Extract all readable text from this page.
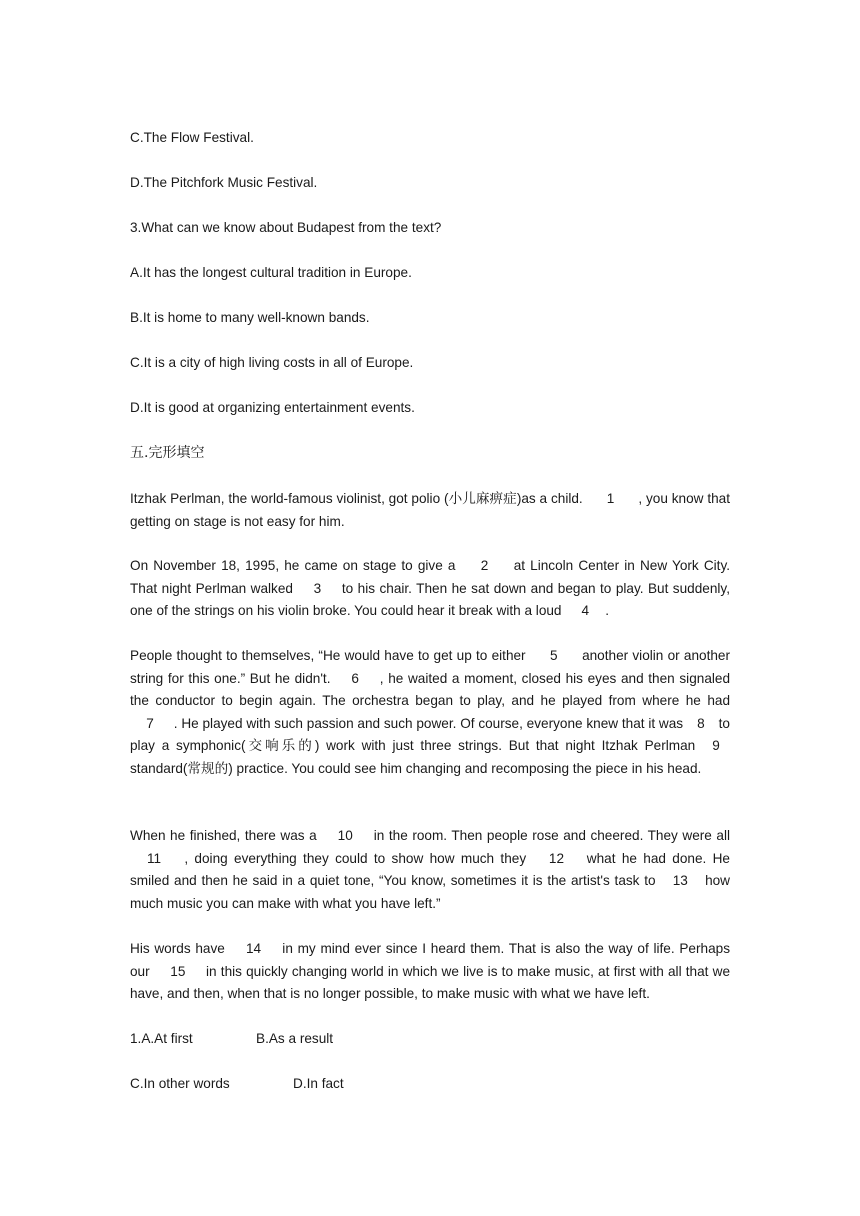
C.The Flow Festival.
D.The Pitchfork Music Festival.
3.What can we know about Budapest from the text?
A.It has the longest cultural tradition in Europe.
B.It is home to many well-known bands.
C.It is a city of high living costs in all of Europe.
D.It is good at organizing entertainment events.
五.完形填空
Itzhak Perlman, the world-famous violinist, got polio (小儿麻痹症)as a child. 1 , you know that getting on stage is not easy for him.
On November 18, 1995, he came on stage to give a 2 at Lincoln Center in New York City. That night Perlman walked 3 to his chair. Then he sat down and began to play. But suddenly, one of the strings on his violin broke. You could hear it break with a loud 4 .
People thought to themselves, “He would have to get up to either 5 another violin or another string for this one.” But he didn't. 6 , he waited a moment, closed his eyes and then signaled the conductor to begin again. The orchestra began to play, and he played from where he had 7 . He played with such passion and such power. Of course, everyone knew that it was 8 to play a symphonic(交响乐的) work with just three strings. But that night Itzhak Perlman 9 standard(常规的) practice. You could see him changing and recomposing the piece in his head.
When he finished, there was a 10 in the room. Then people rose and cheered. They were all 11 , doing everything they could to show how much they 12 what he had done. He smiled and then he said in a quiet tone, “You know, sometimes it is the artist's task to 13 how much music you can make with what you have left.”
His words have 14 in my mind ever since I heard them. That is also the way of life. Perhaps our 15 in this quickly changing world in which we live is to make music, at first with all that we have, and then, when that is no longer possible, to make music with what we have left.
1.A.At first	B.As a result
C.In other words	D.In fact
